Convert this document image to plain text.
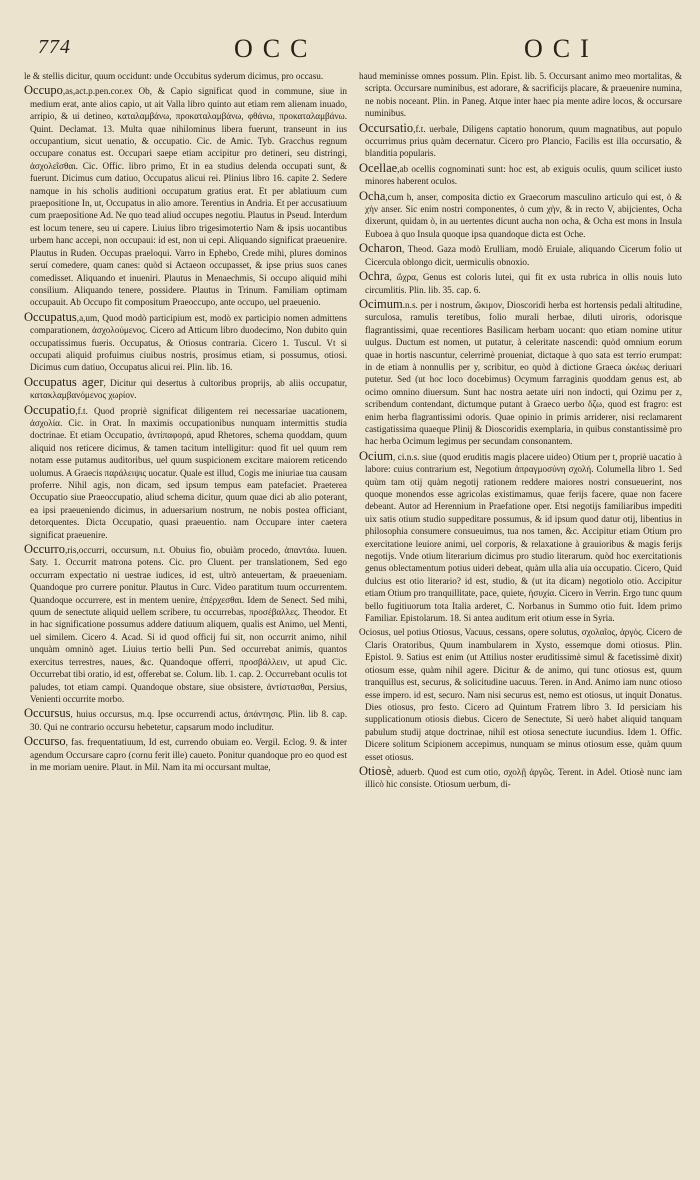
774	OCC	OCI

le & stellis dicitur, quum occidunt: unde Occubitus syderum dicimus, pro occasu.

Occupo,as,act.p.pen.cor.ex Ob, & Capio significat quod in commune, siue in medium erat, ante alios capio, ut ait Valla libro quinto aut etiam rem alienam inuado, arripio, & ui detineo, καταλαμβάνω, προκαταλαμβάνω, φθάνω, προκαταλαμβάνω. Quint. Declamat. 13. Multa quae nihilominus libera fuerunt, transeunt in ius occupantium, sicut uenatio, & occupatio. Cic. de Amic. Tyb. Gracchus regnum occupare conatus est. Occupari saepe etiam accipitur pro detineri, seu distringi, ἀσχολεῖσθαι. Cic. Offic. libro primo, Et in ea studius delenda occupati sunt, & fuerunt. Dicimus cum datiuo, Occupatus alicui rei. Plinius libro 16. capite 2. Sedere namque in his scholis auditioni occupatum gratius erat. Et per ablatiuum cum praepositione In, ut, Occupatus in alio amore. Terentius in Andria. Et per accusatiuum cum praepositione Ad. Ne quo tead aliud occupes negotiu. Plautus in Pseud. Interdum est locum tenere, seu ui capere. Liuius libro trigesimotertio Nam & ipsis uocantibus urbem hanc accepi, non occupaui: id est, non ui cepi. Aliquando significat praeuenire. Plautus in Ruden. Occupas praeloqui. Varro in Ephebo, Crede mihi, plures dominos seruí comedere, quam canes: quòd si Actaeon occupasset, & ipse prius suos canes comedisset. Aliquando et inueniri. Plautus in Menaechmis, Si occupo aliquid mihi consilium. Aliquando tenere, possidere. Plautus in Trinum. Familiam optimam occupauit. Ab Occupo fit compositum Praeoccupo, ante occupo, uel praeuenio.

Occupatus,a,um, Quod modò participium est, modò ex participio nomen admittens comparationem, ἀσχολούμενος. Cicero ad Atticum libro duodecimo, Non dubito quin occupatissimus fueris. Occupatus, & Otiosus contraria. Cicero 1. Tuscul. Vt si occupati aliquid profuimus ciuibus nostris, prosimus etiam, si possumus, otiosi. Dicimus cum datiuo, Occupatus alicui rei. Plin. lib. 16.

Occupatus ager, Dicitur qui desertus à cultoribus proprijs, ab aliis occupatur, κατακλαμβανόμενος χωρίον.

Occupatio,f.t. Quod propriè significat diligentem rei necessariae uacationem, ἀσχολία. Cic. in Orat. In maximis occupationibus nunquam intermittis studia doctrinae. Et etiam Occupatio, ἀντίπαφορά, apud Rhetores, schema quoddam, quum aliquid nos reticere dicimus, & tamen tacitum intelligitur: quod fit uel quum rem notam esse putamus auditoribus, uel quum suspicionem excitare maiorem reticendo uolumus. A Graecis παράλειψις uocatur. Quale est illud, Cogis me iniuriae tua causam proferre. Nihil agis, non dicam, sed ipsum tempus eam patefaciet. Praeterea Occupatio siue Praeoccupatio, aliud schema dicitur, quum quae dici ab alio poterant, ea ipsi praeueniendo dicimus, in aduersarium nostrum, ne nobis postea officiant, detorquentes. Dicta Occupatio, quasi praeuentio. nam Occupare inter caetera significat praeuenire.

Occurro,ris,occurri, occursum, n.t. Obuius fio, obuiàm procedo, ἀπαντάω. Iuuen. Saty. 1. Occurrit matrona potens. Cic. pro Cluent. per translationem, Sed ego occurram expectatio ni uestrae iudices, id est, ultrò anteuertam, & praeueniam. Quandoque pro currere ponitur. Plautus in Curc. Video paratitum tuum occurrentem. Quandoque occurrere, est in mentem uenire, ἐπέρχεσθαι. Idem de Senect. Sed mihi, quum de senectute aliquid uellem scribere, tu occurrebas, προσέβαλλες. Theodor. Et in hac significatione possumus addere datiuum aliquem, qualis est Animo, uel Menti, uel similem. Cicero 4. Acad. Si id quod officij fui sit, non occurrit animo, nihil unquàm omninò aget. Liuius tertio belli Pun. Sed occurrebat animis, quantos exercitus terrestres, naues, &c. Quandoque offerri, προσβάλλειν, ut apud Cic. Occurrebat tibi oratio, id est, offerebat se. Colum. lib. 1. cap. 2. Occurrebant oculis tot paludes, tot etiam campi. Quandoque obstare, siue obsistere, ἀντίστασθαι, Persius, Venienti occurrite morbo.

Occursus, huius occursus, m.q. Ipse occurrendi actus, ἀπάντησις. Plin. lib 8. cap. 30. Qui ne contrario occursu hebetetur, capsarum modo includitur.

Occurso, fas. frequentatiuum, Id est, currendo obuiam eo. Vergil. Eclog. 9. & inter agendum Occursare capro (cornu ferit ille) caueto. Ponitur quandoque pro eo quod est in me moriam uenire. Plaut. in Mil. Nam ita mi occursant multae,

haud meminisse omnes possum. Plin. Epist. lib. 5. Occursant animo meo mortalitas, & scripta. Occursare numinibus, est adorare, & sacrificijs placare, & praeuenire numina, ne nobis noceant. Plin. in Paneg. Atque inter haec pia mente adire locos, & occursare numinibus.

Occursatio,f.t. uerbale, Diligens captatio honorum, quum magnatibus, aut populo occurrimus prius quàm decernatur. Cicero pro Plancio, Facilis est illa occursatio, & blanditia popularis.

Ocellae,ab ocellis cognominati sunt: hoc est, ab exiguis oculis, quum scilicet iusto minores haberent oculos.

Ocha,cum h, anser, composita dictio ex Graecorum masculino articulo qui est, ὁ & χὴν anser. Sic enim nostri componentes, ὁ cum χὴν, & in recto V, abijcientes, Ocha dixerunt, quidam ò, in au uertentes dicunt aucha non ocha, & Ocha est mons in Insula Euboea à quo Insula quoque ipsa quandoque dicta est Oche.

Ocharon, Theod. Gaza modò Erulliam, modò Eruiale, aliquando Cicerum folio ut Cicercula oblongo dicit, uermiculis obnoxio.

Ochra, ὤχρα, Genus est coloris lutei, qui fit ex usta rubrica in ollis nouis luto circumlitis. Plin. lib. 35. cap. 6.

Ocimum.n.s. per i nostrum, ὤκιμον, Dioscoridi herba est hortensis pedali altitudine, surculosa, ramulis teretibus, folio murali herbae, diluti uiroris, odorisque flagrantissimi, quae recentiores Basilicam herbam uocant: quo etiam nomine utitur uulgus. Ductum est nomen, ut putatur, à celeritate nascendi: quòd omnium eorum quae in hortis nascuntur, celerrimè proueniat, dictaque à quo sata est terrio erumpat: in de etiam à nonnullis per y, scribitur, eo quòd à dictione Graeca ὠκέως deriuari putetur. Sed (ut hoc loco docebimus) Ocymum farraginis quoddam genus est, ab ocimo omnino diuersum. Sunt hac nostra aetate uiri non indocti, qui Ozimu per z, scribendum contendant, dictumque putant à Graeco uerbo ὄζω, quod est fragro: est enim herba flagrantissimi odoris. Quae opinio in primis arriderer, nisi reclamarent castigatissima quaeque Plinij & Dioscoridis exemplaria, in quibus constantissimè pro hac herba Ocimum legimus per secundam consonantem.

Ocium, ci.n.s. siue (quod eruditis magis placere uideo) Otium per t, propriè uacatio à labore: cuius contrarium est, Negotium ἀπραγμοσύνη σχολή. Columella libro 1. Sed quùm tam otij quàm negotij rationem reddere maiores nostri consueuerint, nos quoque monendos esse agricolas existimamus, quae ferijs facere, quae non facere debeant. Autor ad Herennium in Praefatione oper. Etsi negotijs familiaribus impediti uix satis otium studio suppeditare possumus, & id ipsum quod datur otij, libentius in philosophia consumere consueuimus, tua nos tamen, &c. Accipitur etiam Otium pro exercitatione leuiore animi, uel corporis, & relaxatione à grauioribus & magis ferijs negotijs. Vnde otium literarium dicimus pro studio literarum. quòd hoc exercitationis genus oblectamentum potius uideri debeat, quàm ulla alia uia occupatio. Cicero, Quid dulcius est otio literario? id est, studio, & (ut ita dicam) negotiolo otio. Accipitur etiam Otium pro tranquillitate, pace, quiete, ἡσυχία. Cicero in Verrin. Ergo tunc quum bello fugitiuorum tota Italia arderet, C. Norbanus in Summo otio fuit. Idem primo Familiar. Epistolarum. 18. Si antea auditum erit otium esse in Syria.

Ociosus, uel potius Otiosus, Vacuus, cessans, opere solutus, σχολαῖος, ἀργός. Cicero de Claris Oratoribus, Quum inambularem in Xysto, essemque domi otiosus. Plin. Epistol. 9. Satius est enim (ut Attilius noster eruditissimè simul & facetissimè dixit) otiosum esse, quàm nihil agere. Dicitur & de animo, qui tunc otiosus est, quum tranquillus est, securus, & solicitudine uacuus. Teren. in And. Animo iam nunc otioso esse impero. id est, securo. Nam nisi securus est, nemo est otiosus, ut inquit Donatus. Dies otiosus, pro festo. Cicero ad Quintum Fratrem libro 3. Id persiciam his supplicationum otiosis diebus. Cicero de Senectute, Si uerò habet aliquid tanquam pabulum studij atque doctrinae, nihil est otiosa senectute iucundius. Idem 1. Offic. Dicere solitum Scipionem accepimus, nunquam se minus otiosum esse, quàm quum esset otiosus.

Otiosè, aduerb. Quod est cum otio, σχολῇ ἀργῶς. Terent. in Adel. Otiosè nunc iam illicò hic consiste. Otiosum uerbum, di-
